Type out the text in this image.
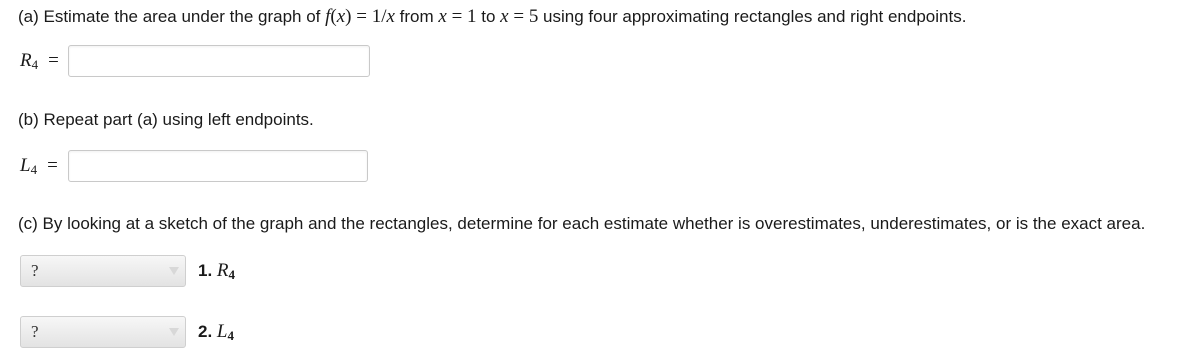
(a) Estimate the area under the graph of f(x) = 1/x from x = 1 to x = 5 using four approximating rectangles and right endpoints.
$R_4$ =
(b) Repeat part (a) using left endpoints.
$L_4$ =
(c) By looking at a sketch of the graph and the rectangles, determine for each estimate whether is overestimates, underestimates, or is the exact area.
?	1. $R_4$
?	2. $L_4$
